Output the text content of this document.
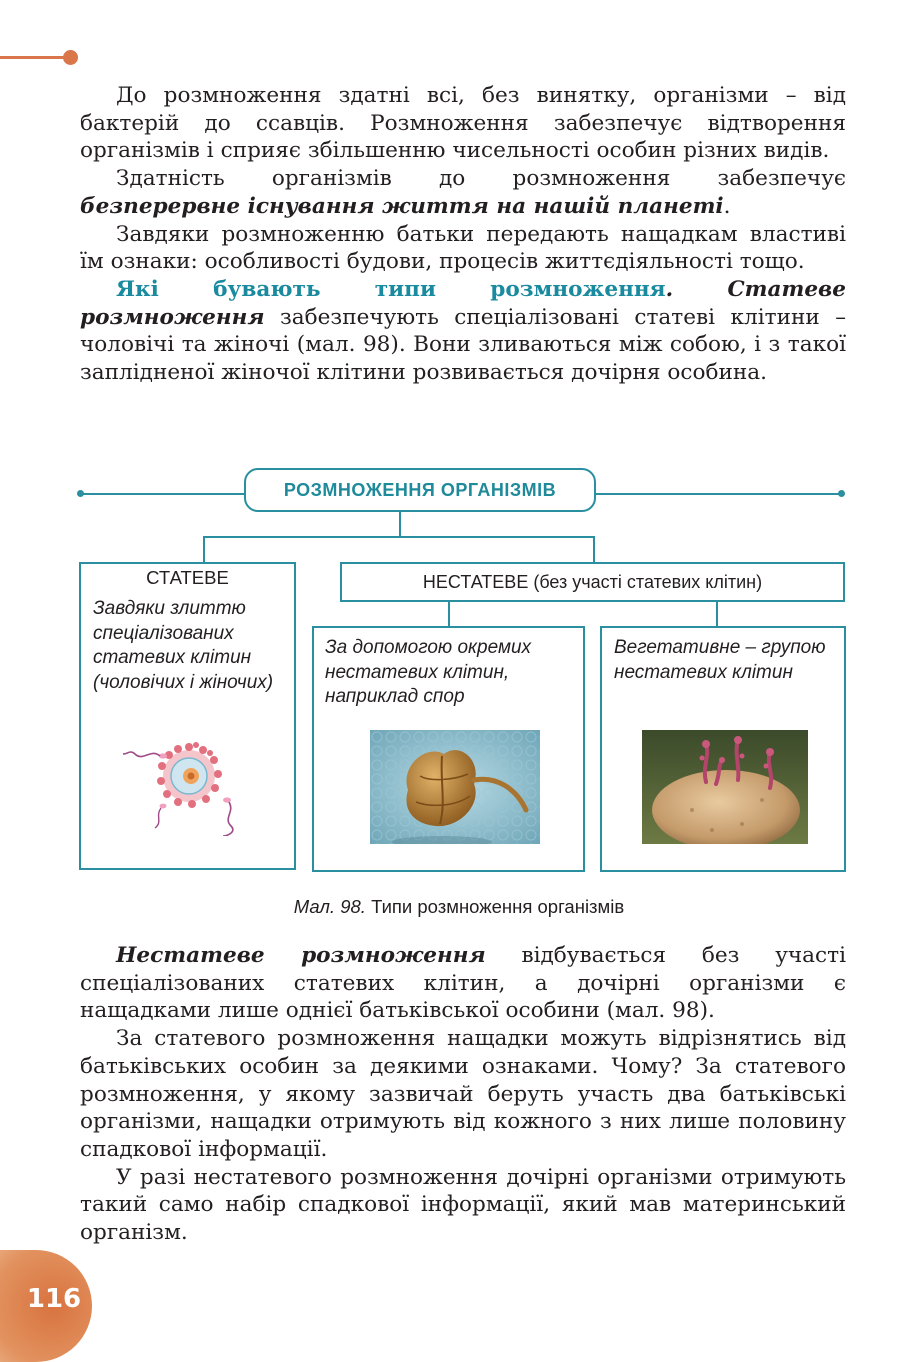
До розмноження здатні всі, без винятку, організми – від бактерій до ссавців. Розмноження забезпечує відтворення організмів і сприяє збільшенню чисельності особин різних видів.

Здатність організмів до розмноження забезпечує безперервне існування життя на нашій планеті.

Завдяки розмноженню батьки передають нащадкам властиві їм ознаки: особливості будови, процесів життєдіяльності тощо.

Які бувають типи розмноження. Статеве розмноження забезпечують спеціалізовані статеві клітини – чоловічі та жіночі (мал. 98). Вони зливаються між собою, і з такої заплідненої жіночої клітини розвивається дочірня особина.

РОЗМНОЖЕННЯ ОРГАНІЗМІВ
СТАТЕВЕ
Завдяки злиттю спеціалізованих статевих клітин (чоловічих і жіночих)
НЕСТАТЕВЕ (без участі статевих клітин)
За допомогою окремих нестатевих клітин, наприклад спор
Вегетативне – групою нестатевих клітин
Мал. 98. Типи розмноження організмів

Нестатеве розмноження відбувається без участі спеціалізованих статевих клітин, а дочірні організми є нащадками лише однієї батьківської особини (мал. 98).

За статевого розмноження нащадки можуть відрізнятись від батьківських особин за деякими ознаками. Чому? За статевого розмноження, у якому зазвичай беруть участь два батьківські організми, нащадки отримують від кожного з них лише половину спадкової інформації.

У разі нестатевого розмноження дочірні організми отримують такий само набір спадкової інформації, який мав материнський організм.

116
